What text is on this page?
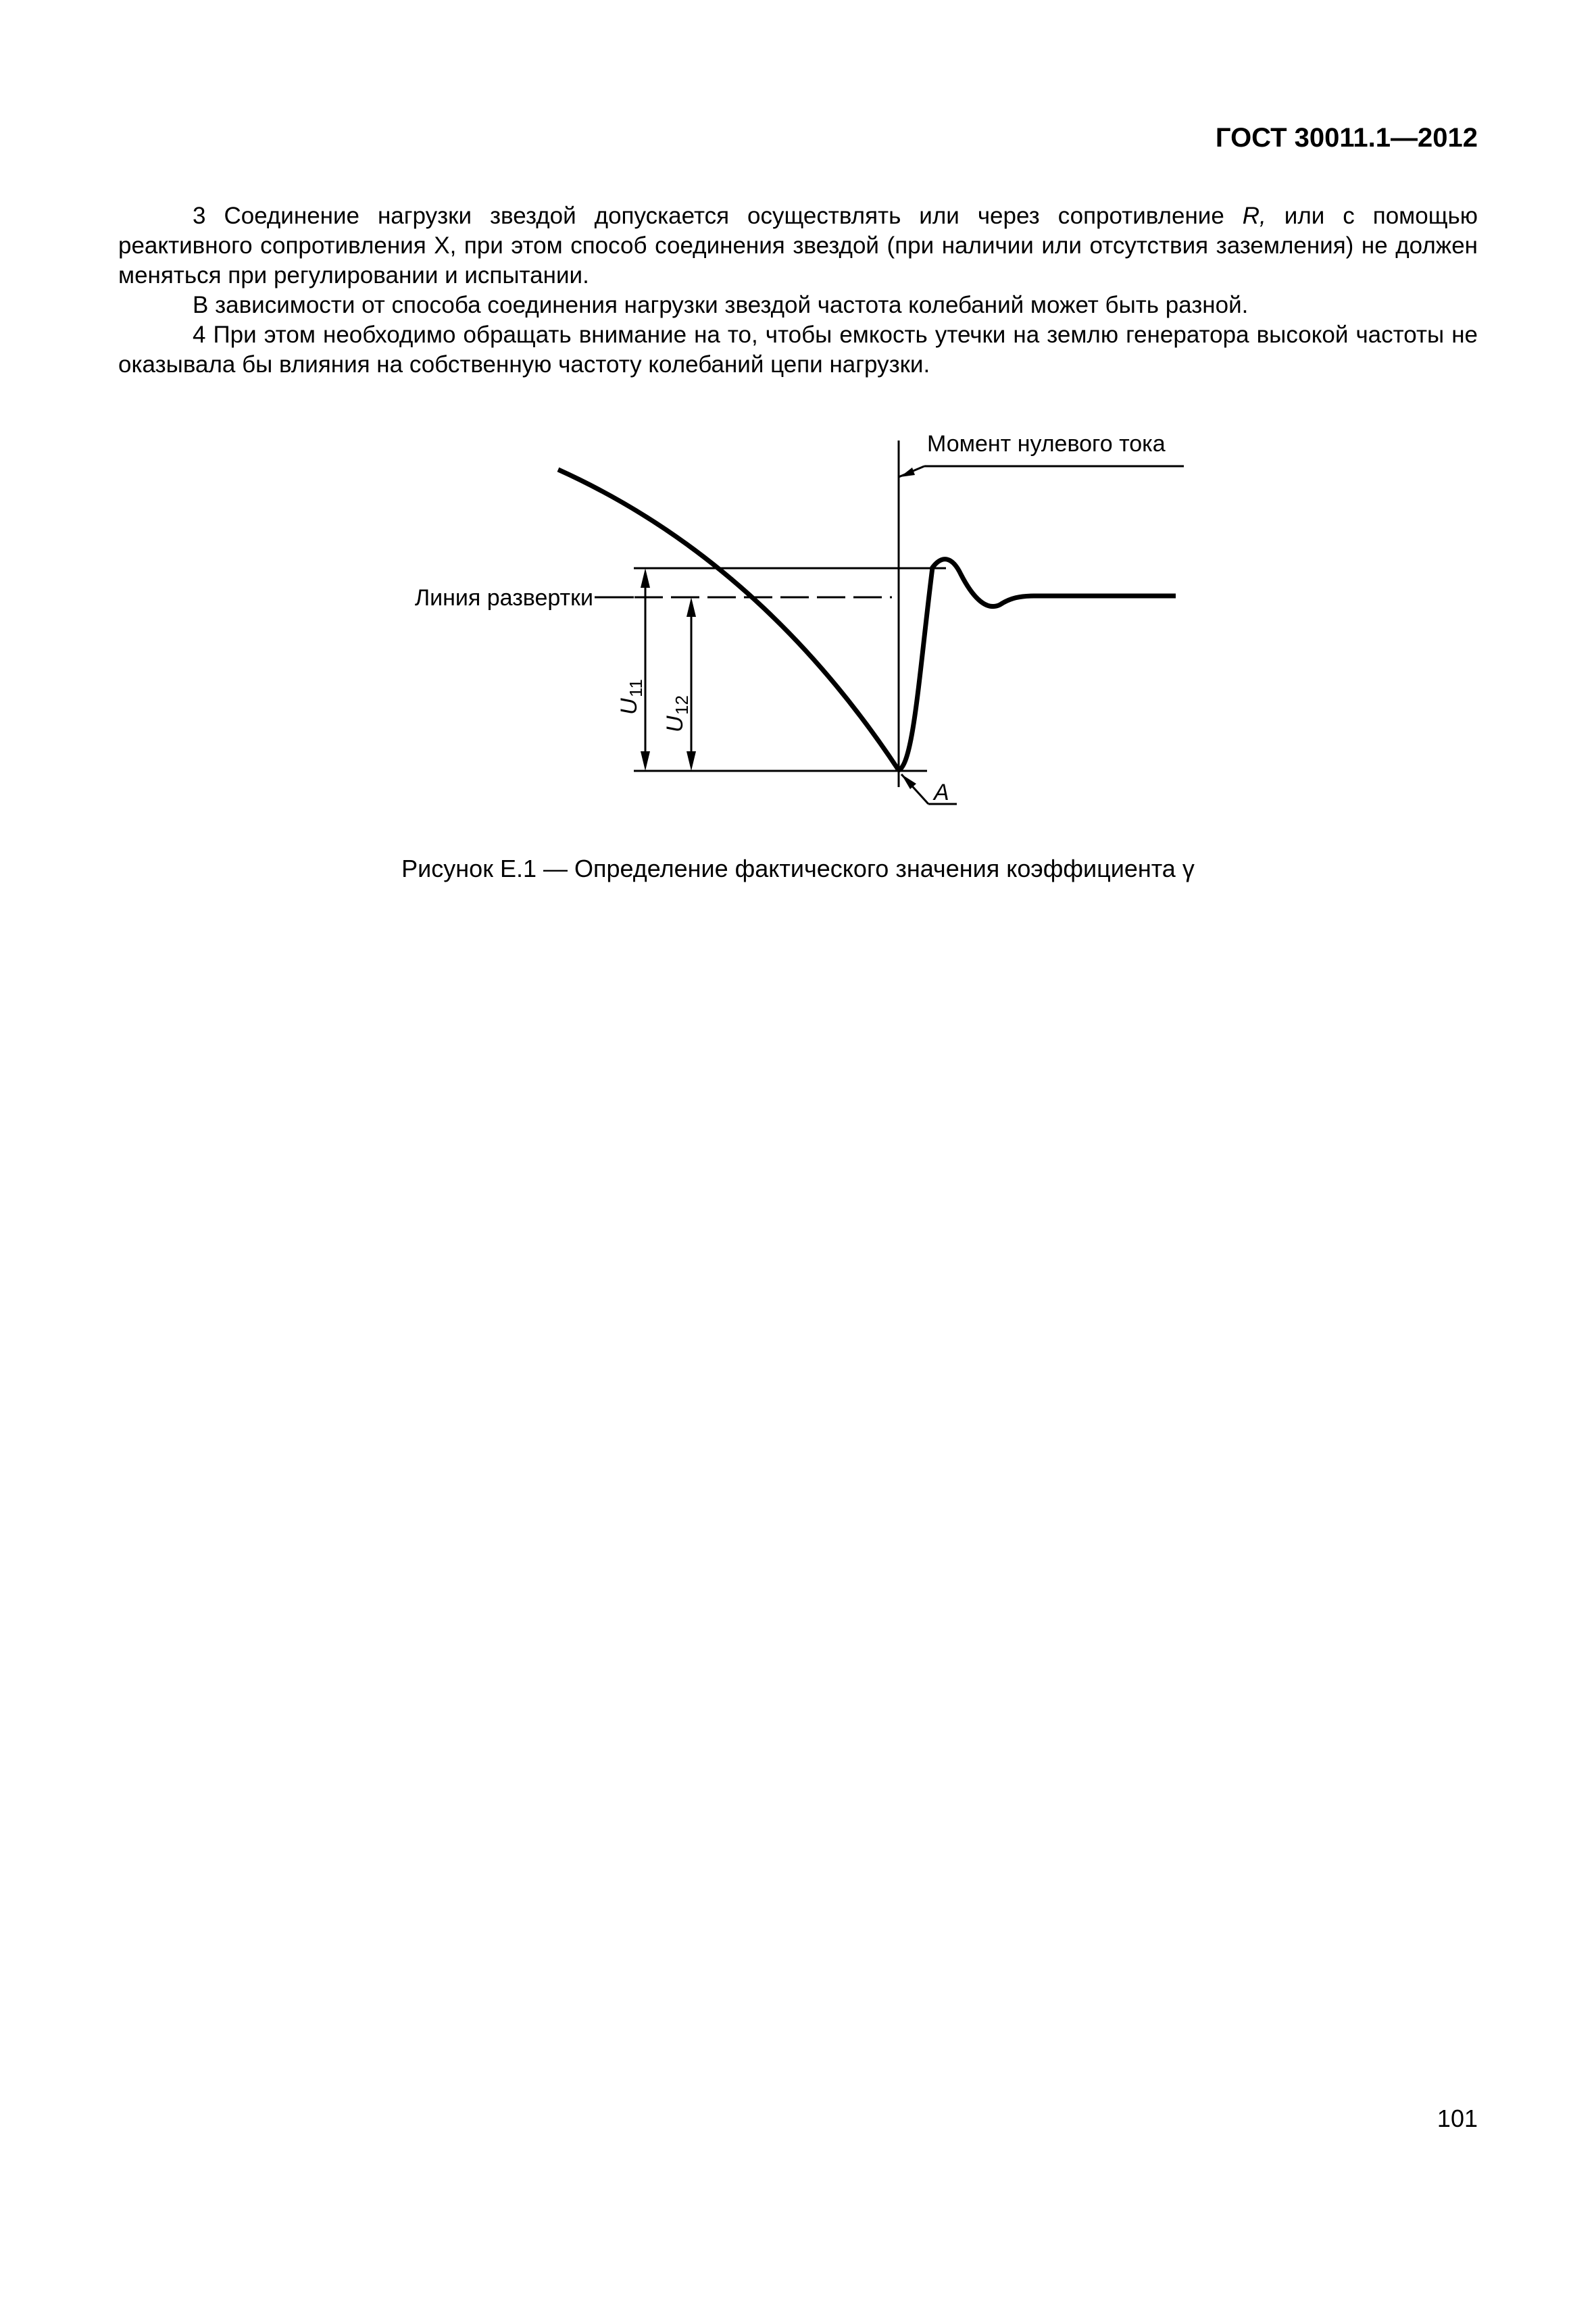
ГОСТ 30011.1—2012

3 Соединение нагрузки звездой допускается осуществлять или через сопротивление R, или с помощью реактивного сопротивления X, при этом способ соединения звездой (при наличии или отсутствия заземления) не должен меняться при регулировании и испытании.

В зависимости от способа соединения нагрузки звездой частота колебаний может быть разной.

4 При этом необходимо обращать внимание на то, чтобы емкость утечки на землю генератора высокой частоты не оказывала бы влияния на собственную частоту колебаний цепи нагрузки.

Момент нулевого тока
Линия развертки
U
11
U
12
A
Рисунок Е.1 — Определение фактического значения коэффициента γ
101
